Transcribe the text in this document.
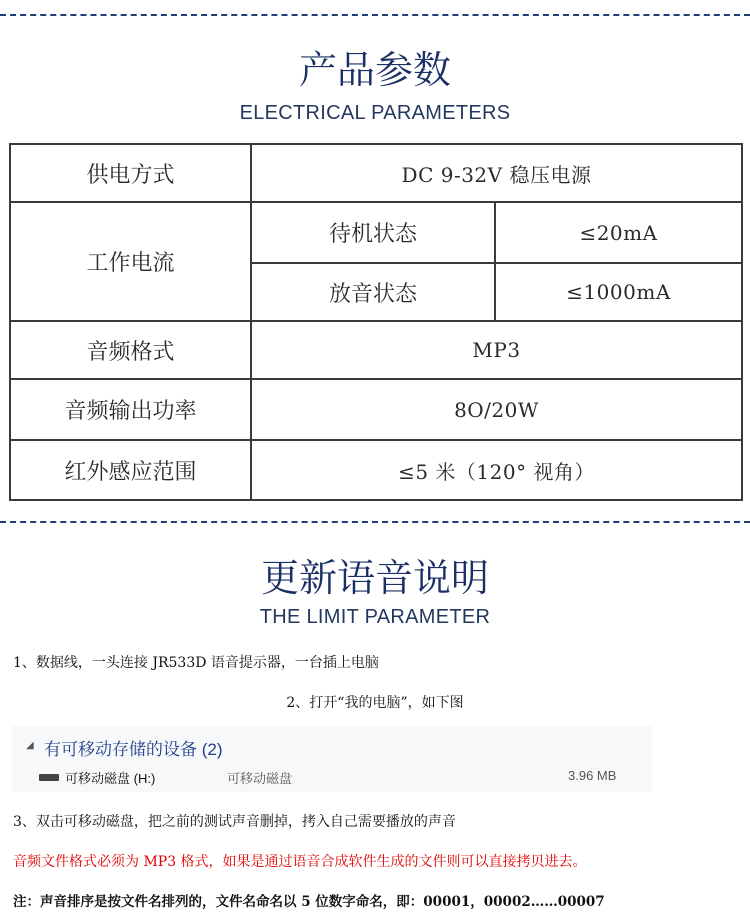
产品参数
ELECTRICAL PARAMETERS
供电方式	DC 9-32V 稳压电源	
工作电流	待机状态	≤20mA
	放音状态	≤1000mA
音频格式	MP3	
音频输出功率	8O/20W	
红外感应范围	≤5 米（120° 视角）	
更新语音说明
THE LIMIT PARAMETER
1、数据线，一头连接 JR533D 语音提示器，一台插上电脑
2、打开“我的电脑”，如下图
◢ 有可移动存储的设备 (2)
可移动磁盘 (H:)	可移动磁盘	3.96 MB
3、双击可移动磁盘，把之前的测试声音删掉，拷入自己需要播放的声音
音频文件格式必须为 MP3 格式，如果是通过语音合成软件生成的文件则可以直接拷贝进去。
注：声音排序是按文件名排列的，文件名命名以 5 位数字命名，即：00001，00002……00007
